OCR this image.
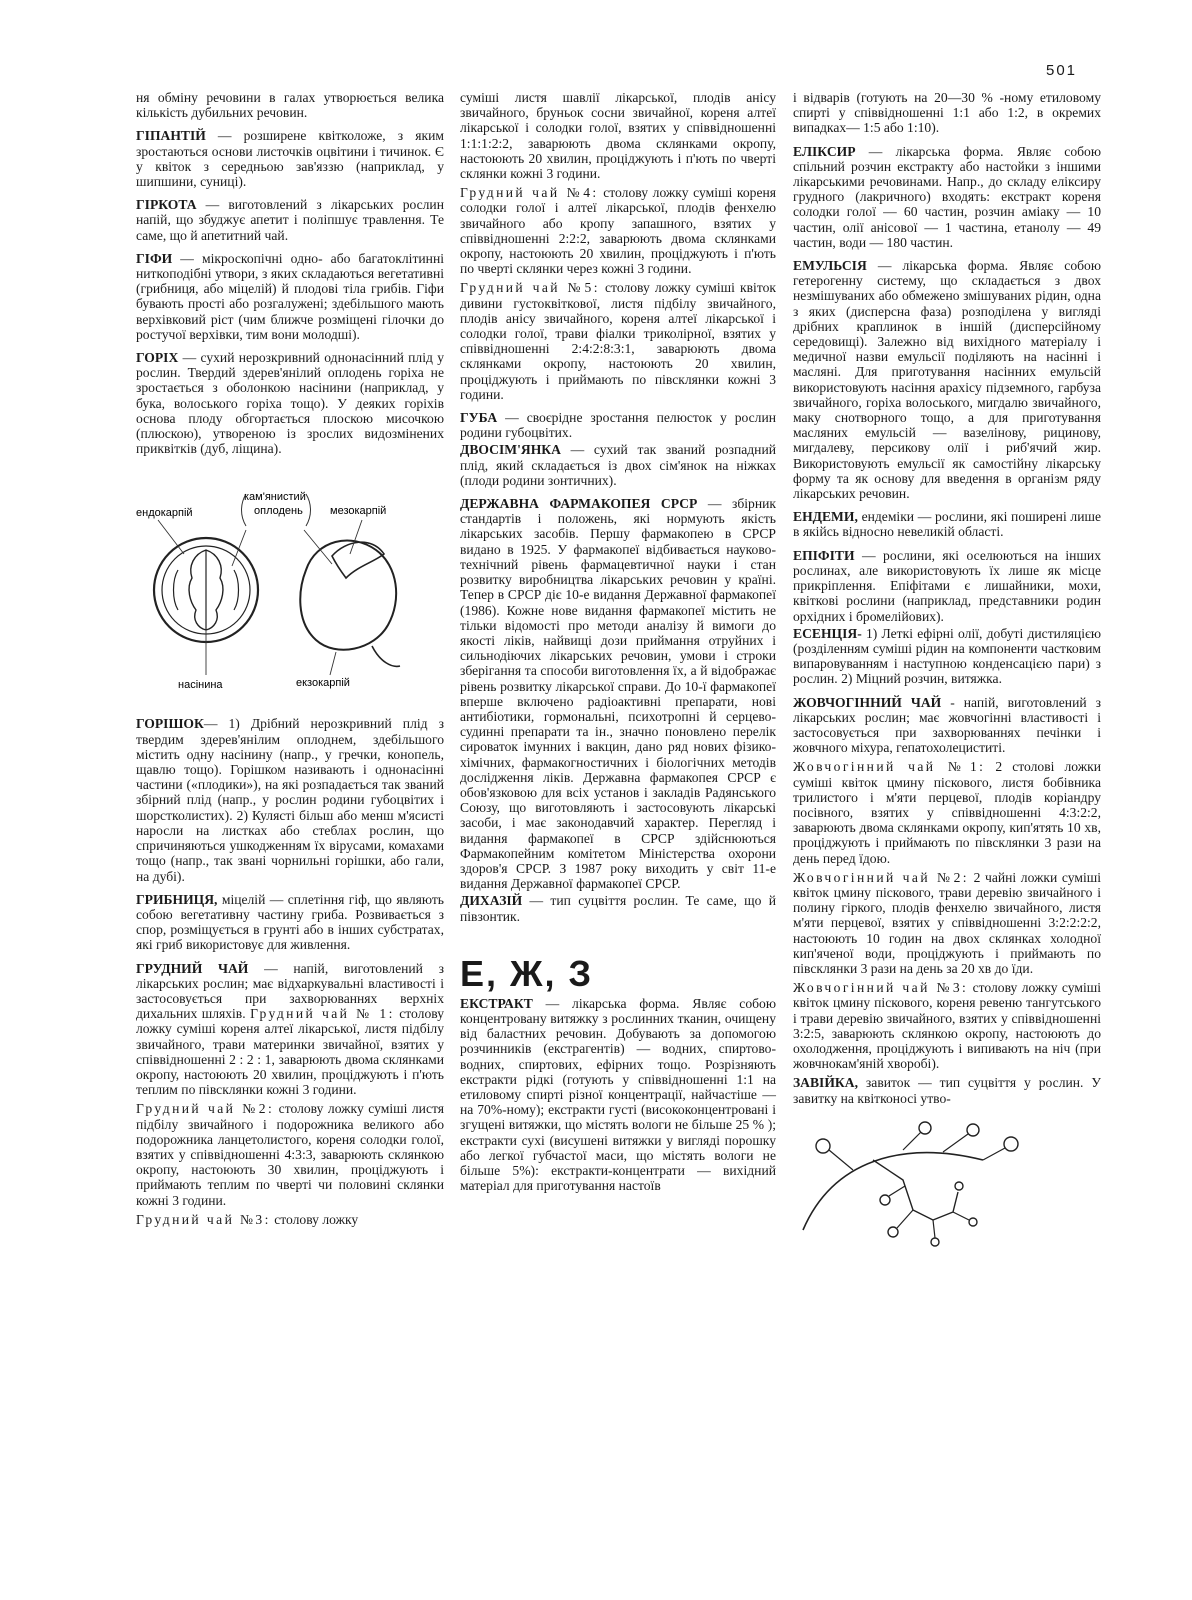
501

ня обміну речовини в галах утворюється велика кількість дубильних речовин.

ГІПАНТІЙ — розширене квітколоже, з яким зростаються основи листочків оцвітини і тичинок. Є у квіток з середньою зав'яззю (наприклад, у шипшини, суниці).

ГІРКОТА — виготовлений з лікарських рослин напій, що збуджує апетит і поліпшує травлення. Те саме, що й апетитний чай.

ГІФИ — мікроскопічні одно- або багатоклітинні ниткоподібні утвори, з яких складаються вегетативні (грибниця, або міцелій) й плодові тіла грибів. Гіфи бувають прості або розгалужені; здебільшого мають верхівковий ріст (чим ближче розміщені гілочки до ростучої верхівки, тим вони молодші).

ГОРІХ — сухий нерозкривний однонасінний плід у рослин. Твердий здерев'янілий оплодень горіха не зростається з оболонкою насінини (наприклад, у бука, волоського горіха тощо). У деяких горіхів основа плоду обгортається плоскою мисочкою (плюскою), утвореною із зрослих видозмінених приквітків (дуб, ліщина).

ендокарпій
кам'янистий
оплодень мезокарпій
насінина	екзокарпій

ГОРІШОК— 1) Дрібний нерозкривний плід з твердим здерев'янілим оплоднем, здебільшого містить одну насінину (напр., у гречки, конопель, щавлю тощо). Горішком називають і однонасінні частини («плодики»), на які розпадається так званий збірний плід (напр., у рослин родини губоцвітих і шорстколистих). 2) Кулясті більш або менш м'ясисті наросли на листках або стеблах рослин, що спричиняються ушкодженням їх вірусами, комахами тощо (напр., так звані чорнильні горішки, або гали, на дубі).

ГРИБНИЦЯ, міцелій — сплетіння гіф, що являють собою вегетативну частину гриба. Розвивається з спор, розміщується в грунті або в інших субстратах, які гриб використовує для живлення.

ГРУДНИЙ ЧАЙ — напій, виготовлений з лікарських рослин; має відхаркувальні властивості і застосовується при захворюваннях верхніх дихальних шляхів. Грудний чай № 1: столову ложку суміші кореня алтеї лікарської, листя підбілу звичайного, трави материнки звичайної, взятих у співвідношенні 2 : 2 : 1, заварюють двома склянками окропу, настоюють 20 хвилин, проціджують і п'ють теплим по півсклянки кожні 3 години.

Грудний чай №2: столову ложку суміші листя підбілу звичайного і подорожника великого або подорожника ланцетолистого, кореня солодки голої, взятих у співвідношенні 4:3:3, заварюють склянкою окропу, настоюють 30 хвилин, проціджують і приймають теплим по чверті чи половині склянки кожні 3 години.

Грудний чай №3: столову ложку

суміші листя шавлії лікарської, плодів анісу звичайного, бруньок сосни звичайної, кореня алтеї лікарської і солодки голої, взятих у співвідношенні 1:1:1:2:2, заварюють двома склянками окропу, настоюють 20 хвилин, проціджують і п'ють по чверті склянки кожні 3 години.

Грудний чай №4: столову ложку суміші кореня солодки голої і алтеї лікарської, плодів фенхелю звичайного або кропу запашного, взятих у співвідношенні 2:2:2, заварюють двома склянками окропу, настоюють 20 хвилин, проціджують і п'ють по чверті склянки через кожні 3 години.

Грудний чай №5: столову ложку суміші квіток дивини густоквіткової, листя підбілу звичайного, плодів анісу звичайного, кореня алтеї лікарської і солодки голої, трави фіалки триколірної, взятих у співвідношенні 2:4:2:8:3:1, заварюють двома склянками окропу, настоюють 20 хвилин, проціджують і приймають по півсклянки кожні 3 години.

ГУБА — своєрідне зростання пелюсток у рослин родини губоцвітих.

ДВОСІМ'ЯНКА — сухий так званий розпадний плід, який складається із двох сім'янок на ніжках (плоди родини зонтичних).

ДЕРЖАВНА ФАРМАКОПЕЯ СРСР — збірник стандартів і положень, які нормують якість лікарських засобів. Першу фармакопею в СРСР видано в 1925. У фармакопеї відбивається науково-технічний рівень фармацевтичної науки і стан розвитку виробництва лікарських речовин у країні. Тепер в СРСР діє 10-е видання Державної фармакопеї (1986). Кожне нове видання фармакопеї містить не тільки відомості про методи аналізу й вимоги до якості ліків, найвищі дози приймання отруйних і сильнодіючих лікарських речовин, умови і строки зберігання та способи виготовлення їх, а й відображає рівень розвитку лікарської справи. До 10-ї фармакопеї вперше включено радіоактивні препарати, нові антибіотики, гормональні, психотропні й серцево-судинні препарати та ін., значно поновлено перелік сироваток імунних і вакцин, дано ряд нових фізико-хімічних, фармакогностичних і біологічних методів дослідження ліків. Державна фармакопея СРСР є обов'язковою для всіх установ і закладів Радянського Союзу, що виготовляють і застосовують лікарські засоби, і має законодавчий характер. Перегляд і видання фармакопеї в СРСР здійснюються Фармакопейним комітетом Міністерства охорони здоров'я СРСР. З 1987 року виходить у світ 11-е видання Державної фармакопеї СРСР.

ДИХАЗІЙ — тип суцвіття рослин. Те саме, що й півзонтик.

Е, Ж, З

ЕКСТРАКТ — лікарська форма. Являє собою концентровану витяжку з рослинних тканин, очищену від баластних речовин. Добувають за допомогою розчинників (екстрагентів) — водних, спиртово-водних, спиртових, ефірних тощо. Розрізняють екстракти рідкі (готують у співвідношенні 1:1 на етиловому спирті різної концентрації, найчастіше — на 70%-ному); екстракти густі (висококонцентровані і згущені витяжки, що містять вологи не більше 25 % ); екстракти сухі (висушені витяжки у вигляді порошку або легкої губчастої маси, що містять вологи не більше 5%): екстракти-концентрати — вихідний матеріал для приготування настоїв

і відварів (готують на 20—30 % -ному етиловому спирті у співвідношенні 1:1 або 1:2, в окремих випадках— 1:5 або 1:10).

ЕЛІКСИР — лікарська форма. Являє собою спільний розчин екстракту або настойки з іншими лікарськими речовинами. Напр., до складу еліксиру грудного (лакричного) входять: екстракт кореня солодки голої — 60 частин, розчин аміаку — 10 частин, олії анісової — 1 частина, етанолу — 49 частин, води — 180 частин.

ЕМУЛЬСІЯ — лікарська форма. Являє собою гетерогенну систему, що складається з двох незмішуваних або обмежено змішуваних рідин, одна з яких (дисперсна фаза) розподілена у вигляді дрібних краплинок в іншій (дисперсійному середовищі). Залежно від вихідного матеріалу і медичної назви емульсії поділяють на насінні і масляні. Для приготування насінних емульсій використовують насіння арахісу підземного, гарбуза звичайного, горіха волоського, мигдалю звичайного, маку снотворного тощо, а для приготування масляних емульсій — вазелінову, рицинову, мигдалеву, персикову олії і риб'ячий жир. Використовують емульсії як самостійну лікарську форму та як основу для введення в організм ряду лікарських речовин.

ЕНДЕМИ, ендеміки — рослини, які поширені лише в якійсь відносно невеликій області.

ЕПІФІТИ — рослини, які оселюються на інших рослинах, але використовують їх лише як місце прикріплення. Епіфітами є лишайники, мохи, квіткові рослини (наприклад, представники родин орхідних і бромелійових).

ЕСЕНЦІЯ- 1) Леткі ефірні олії, добуті дистиляцією (розділенням суміші рідин на компоненти частковим випаровуванням і наступною конденсацією пари) з рослин. 2) Міцний розчин, витяжка.

ЖОВЧОГІННИЙ ЧАЙ - напій, виготовлений з лікарських рослин; має жовчогінні властивості і застосовується при захворюваннях печінки і жовчного міхура, гепатохолециститі.

Жовчогінний чай №1: 2 столові ложки суміші квіток цмину піскового, листя бобівника трилистого і м'яти перцевої, плодів коріандру посівного, взятих у співвідношенні 4:3:2:2, заварюють двома склянками окропу, кип'ятять 10 хв, проціджують і приймають по півсклянки 3 рази на день перед їдою.

Жовчогінний чай №2: 2 чайні ложки суміші квіток цмину піскового, трави деревію звичайного і полину гіркого, плодів фенхелю звичайного, листя м'яти перцевої, взятих у співвідношенні 3:2:2:2:2, настоюють 10 годин на двох склянках холодної кип'яченої води, проціджують і приймають по півсклянки 3 рази на день за 20 хв до їди.

Жовчогінний чай №3: столову ложку суміші квіток цмину піскового, кореня ревеню тангутського і трави деревію звичайного, взятих у співвідношенні 3:2:5, заварюють склянкою окропу, настоюють до охолодження, проціджують і випивають на ніч (при жовчнокам'яній хворобі).

ЗАВІЙКА, завиток — тип суцвіття у рослин. У завитку на квітконосі утво-
